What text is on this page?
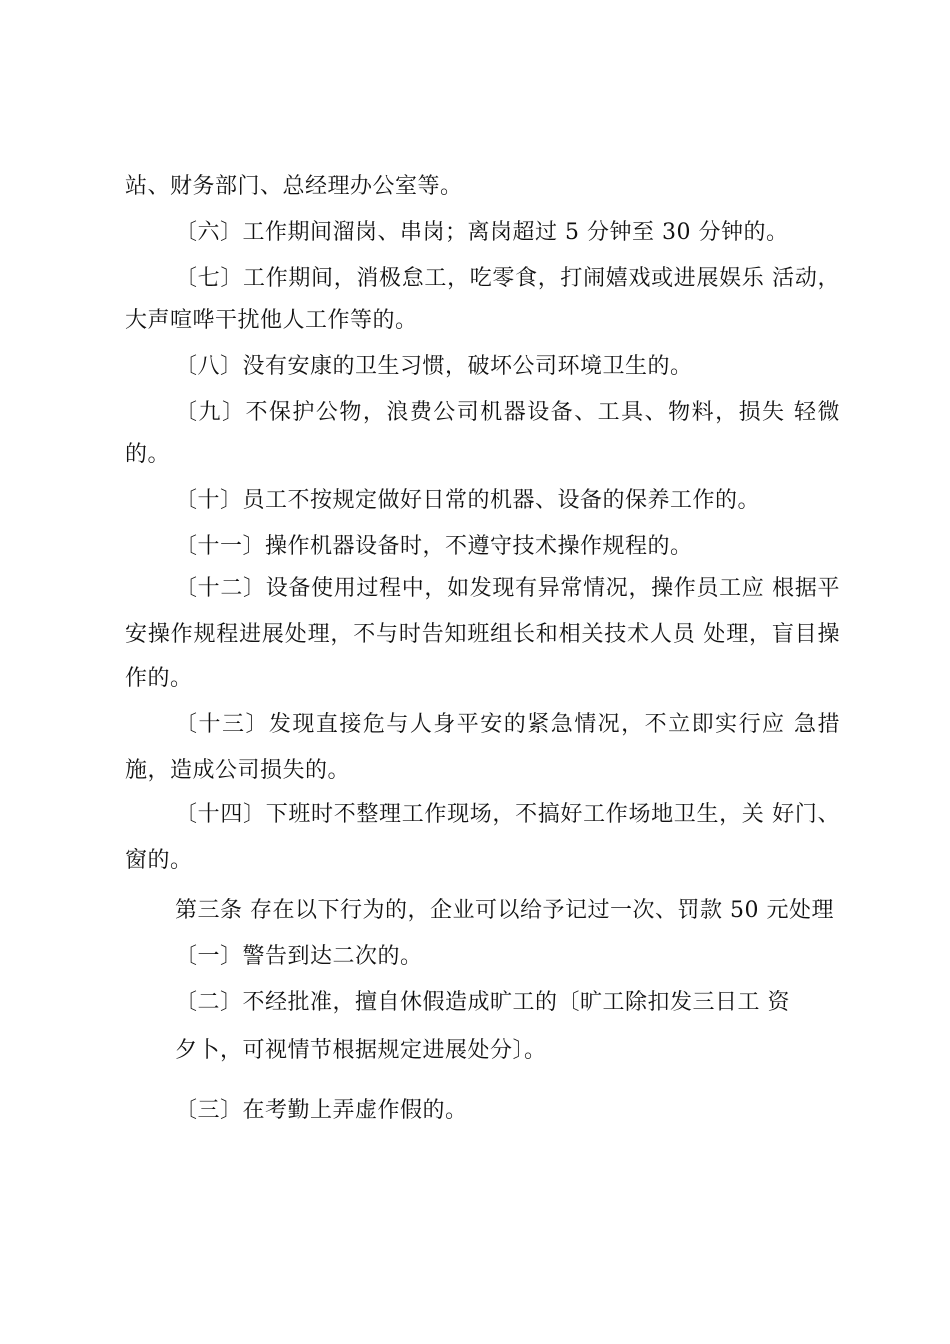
站、财务部门、总经理办公室等。
〔六〕工作期间溜岗、串岗；离岗超过 5 分钟至 30 分钟的。
〔七〕工作期间，消极怠工，吃零食，打闹嬉戏或进展娱乐 活动，
大声喧哗干扰他人工作等的。
〔八〕没有安康的卫生习惯，破坏公司环境卫生的。
〔九〕不保护公物，浪费公司机器设备、工具、物料，损失 轻微
的。
〔十〕员工不按规定做好日常的机器、设备的保养工作的。
〔十一〕操作机器设备时，不遵守技术操作规程的。
〔十二〕设备使用过程中，如发现有异常情况，操作员工应 根据平
安操作规程进展处理，不与时告知班组长和相关技术人员 处理，盲目操
作的。
〔十三〕发现直接危与人身平安的紧急情况，不立即实行应 急措
施，造成公司损失的。
〔十四〕下班时不整理工作现场，不搞好工作场地卫生，关 好门、
窗的。
第三条 存在以下行为的，企业可以给予记过一次、罚款 50 元处理
〔一〕警告到达二次的。
〔二〕不经批准，擅自休假造成旷工的〔旷工除扣发三日工 资
夕卜，可视情节根据规定进展处分〕。
〔三〕在考勤上弄虚作假的。
